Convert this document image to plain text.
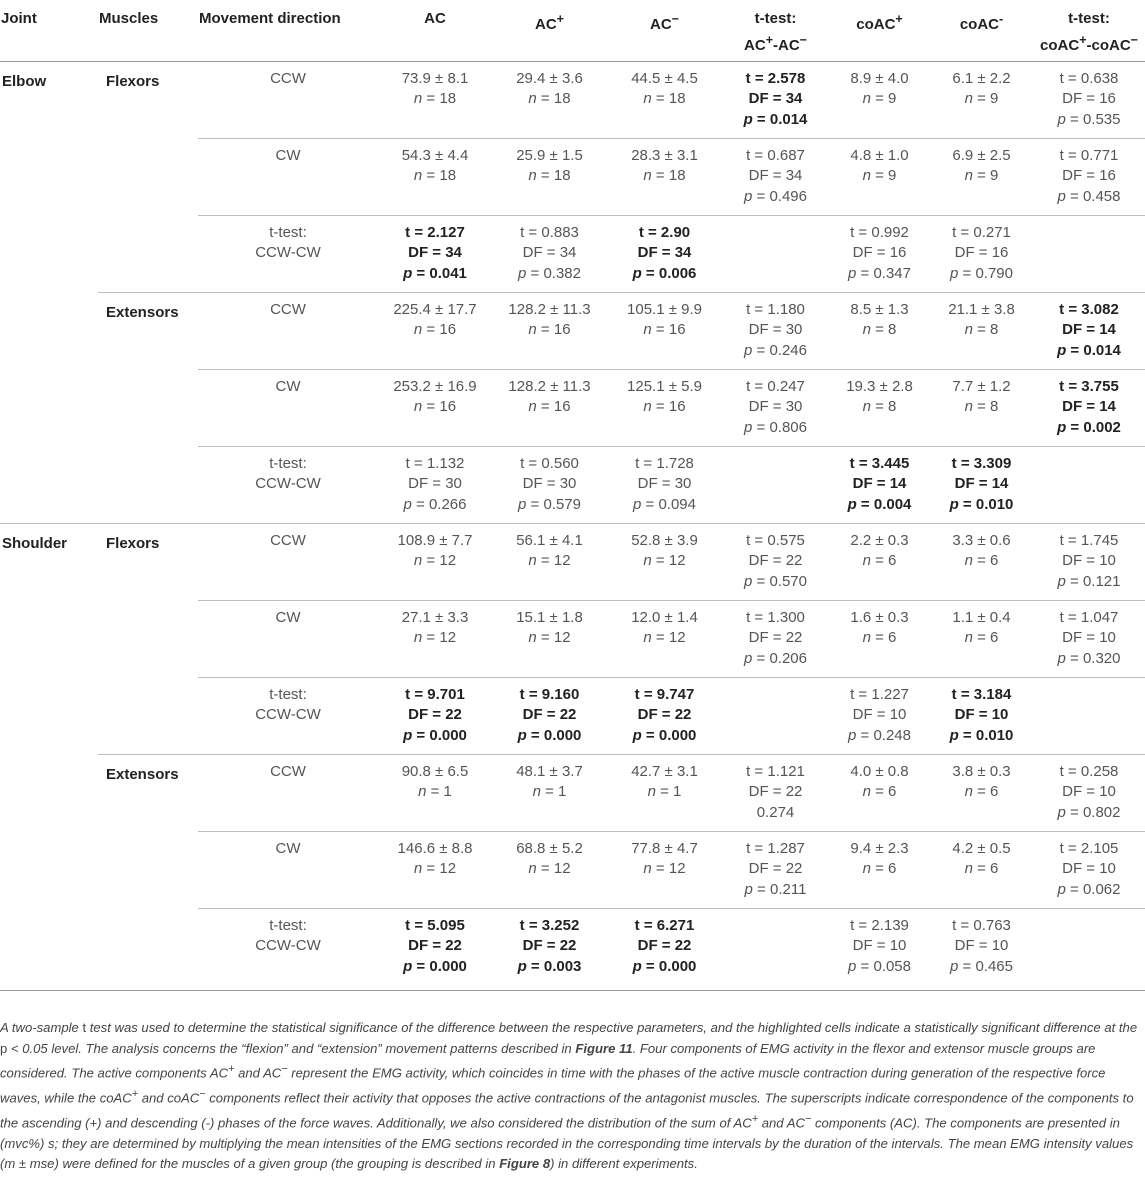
Joint	Muscles	Movement direction	AC	AC+	AC−	t-test:
AC+-AC−	coAC+	coAC-	t-test:
coAC+-coAC−
Elbow	Flexors	CCW	73.9 ± 8.1
n = 18	29.4 ± 3.6
n = 18	44.5 ± 4.5
n = 18	t = 2.578
DF = 34
p = 0.014	8.9 ± 4.0
n = 9	6.1 ± 2.2
n = 9	t = 0.638
DF = 16
p = 0.535

		CW	54.3 ± 4.4
n = 18	25.9 ± 1.5
n = 18	28.3 ± 3.1
n = 18	t = 0.687
DF = 34
p = 0.496	4.8 ± 1.0
n = 9	6.9 ± 2.5
n = 9	t = 0.771
DF = 16
p = 0.458

		t-test:
CCW-CW	t = 2.127
DF = 34
p = 0.041	t = 0.883
DF = 34
p = 0.382	t = 2.90
DF = 34
p = 0.006		t = 0.992
DF = 16
p = 0.347	t = 0.271
DF = 16
p = 0.790	

	Extensors	CCW	225.4 ± 17.7
n = 16	128.2 ± 11.3
n = 16	105.1 ± 9.9
n = 16	t = 1.180
DF = 30
p = 0.246	8.5 ± 1.3
n = 8	21.1 ± 3.8
n = 8	t = 3.082
DF = 14
p = 0.014

		CW	253.2 ± 16.9
n = 16	128.2 ± 11.3
n = 16	125.1 ± 5.9
n = 16	t = 0.247
DF = 30
p = 0.806	19.3 ± 2.8
n = 8	7.7 ± 1.2
n = 8	t = 3.755
DF = 14
p = 0.002

		t-test:
CCW-CW	t = 1.132
DF = 30
p = 0.266	t = 0.560
DF = 30
p = 0.579	t = 1.728
DF = 30
p = 0.094		t = 3.445
DF = 14
p = 0.004	t = 3.309
DF = 14
p = 0.010	

Shoulder	Flexors	CCW	108.9 ± 7.7
n = 12	56.1 ± 4.1
n = 12	52.8 ± 3.9
n = 12	t = 0.575
DF = 22
p = 0.570	2.2 ± 0.3
n = 6	3.3 ± 0.6
n = 6	t = 1.745
DF = 10
p = 0.121

		CW	27.1 ± 3.3
n = 12	15.1 ± 1.8
n = 12	12.0 ± 1.4
n = 12	t = 1.300
DF = 22
p = 0.206	1.6 ± 0.3
n = 6	1.1 ± 0.4
n = 6	t = 1.047
DF = 10
p = 0.320

		t-test:
CCW-CW	t = 9.701
DF = 22
p = 0.000	t = 9.160
DF = 22
p = 0.000	t = 9.747
DF = 22
p = 0.000		t = 1.227
DF = 10
p = 0.248	t = 3.184
DF = 10
p = 0.010	

	Extensors	CCW	90.8 ± 6.5
n = 1	48.1 ± 3.7
n = 1	42.7 ± 3.1
n = 1	t = 1.121
DF = 22
0.274	4.0 ± 0.8
n = 6	3.8 ± 0.3
n = 6	t = 0.258
DF = 10
p = 0.802

		CW	146.6 ± 8.8
n = 12	68.8 ± 5.2
n = 12	77.8 ± 4.7
n = 12	t = 1.287
DF = 22
p = 0.211	9.4 ± 2.3
n = 6	4.2 ± 0.5
n = 6	t = 2.105
DF = 10
p = 0.062

		t-test:
CCW-CW	t = 5.095
DF = 22
p = 0.000	t = 3.252
DF = 22
p = 0.003	t = 6.271
DF = 22
p = 0.000		t = 2.139
DF = 10
p = 0.058	t = 0.763
DF = 10
p = 0.465	

A two-sample t test was used to determine the statistical significance of the difference between the respective parameters, and the highlighted cells indicate a statistically significant difference at the p < 0.05 level. The analysis concerns the “flexion” and “extension” movement patterns described in Figure 11. Four components of EMG activity in the flexor and extensor muscle groups are considered. The active components AC+ and AC− represent the EMG activity, which coincides in time with the phases of the active muscle contraction during generation of the respective force waves, while the coAC+ and coAC− components reflect their activity that opposes the active contractions of the antagonist muscles. The superscripts indicate correspondence of the components to the ascending (+) and descending (-) phases of the force waves. Additionally, we also considered the distribution of the sum of AC+ and AC− components (AC). The components are presented in (mvc%) s; they are determined by multiplying the mean intensities of the EMG sections recorded in the corresponding time intervals by the duration of the intervals. The mean EMG intensity values (m ± mse) were defined for the muscles of a given group (the grouping is described in Figure 8) in different experiments.
